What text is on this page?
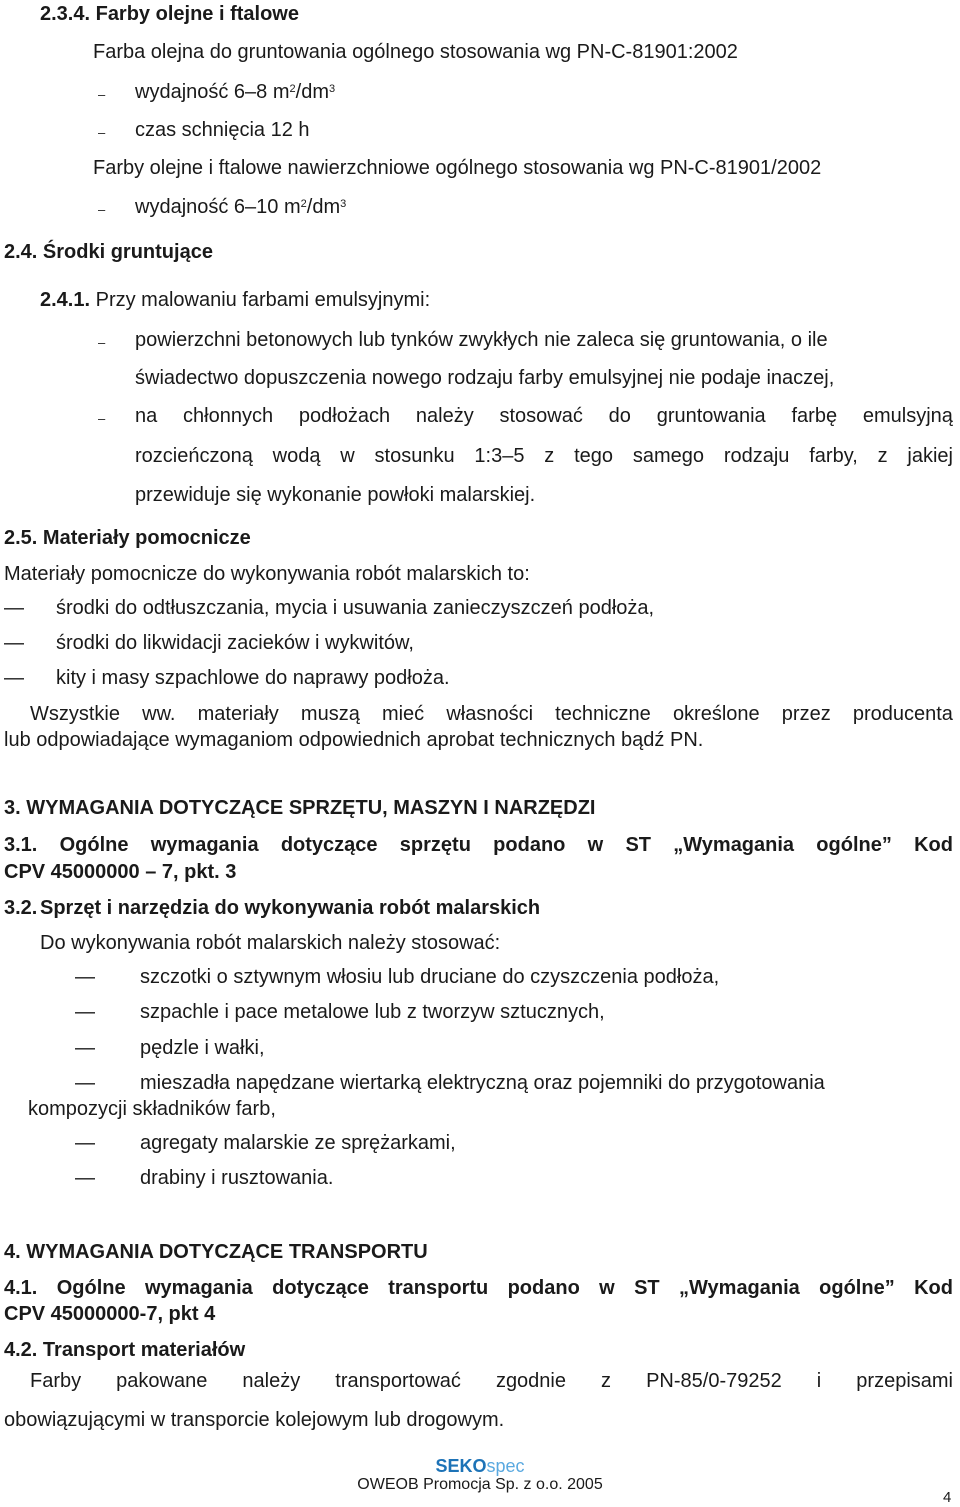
2.3.4. Farby olejne i ftalowe
Farba olejna do gruntowania ogólnego stosowania wg PN-C-81901:2002
– wydajność 6–8 $m^2/dm^3$
– czas schnięcia 12 h
Farby olejne i ftalowe nawierzchniowe ogólnego stosowania wg PN-C-81901/2002
– wydajność 6–10 $m^2/dm^3$
2.4. Środki gruntujące
2.4.1. Przy malowaniu farbami emulsyjnymi:
– powierzchni betonowych lub tynków zwykłych nie zaleca się gruntowania, o ile
świadectwo dopuszczenia nowego rodzaju farby emulsyjnej nie podaje inaczej,
– na chłonnych podłożach należy stosować do gruntowania farbę emulsyjną
rozcieńczoną wodą w stosunku 1:3–5 z tego samego rodzaju farby, z jakiej
przewiduje się wykonanie powłoki malarskiej.
2.5. Materiały pomocnicze
Materiały pomocnicze do wykonywania robót malarskich to:
— środki do odtłuszczania, mycia i usuwania zanieczyszczeń podłoża,
— środki do likwidacji zacieków i wykwitów,
— kity i masy szpachlowe do naprawy podłoża.
Wszystkie ww. materiały muszą mieć własności techniczne określone przez producenta
lub odpowiadające wymaganiom odpowiednich aprobat technicznych bądź PN.
3. WYMAGANIA DOTYCZĄCE SPRZĘTU, MASZYN I NARZĘDZI
3.1. Ogólne wymagania dotyczące sprzętu podano w ST „Wymagania ogólne” Kod
CPV 45000000 – 7, pkt. 3
3.2. Sprzęt i narzędzia do wykonywania robót malarskich
Do wykonywania robót malarskich należy stosować:
— szczotki o sztywnym włosiu lub druciane do czyszczenia podłoża,
— szpachle i pace metalowe lub z tworzyw sztucznych,
— pędzle i wałki,
— mieszadła napędzane wiertarką elektryczną oraz pojemniki do przygotowania
kompozycji składników farb,
— agregaty malarskie ze sprężarkami,
— drabiny i rusztowania.
4. WYMAGANIA DOTYCZĄCE TRANSPORTU
4.1. Ogólne wymagania dotyczące transportu podano w ST „Wymagania ogólne” Kod
CPV 45000000-7, pkt 4
4.2. Transport materiałów
Farby pakowane należy transportować zgodnie z PN-85/0-79252 i przepisami
obowiązującymi w transporcie kolejowym lub drogowym.
SEKOspec
OWEOB Promocja Sp. z o.o. 2005
4
